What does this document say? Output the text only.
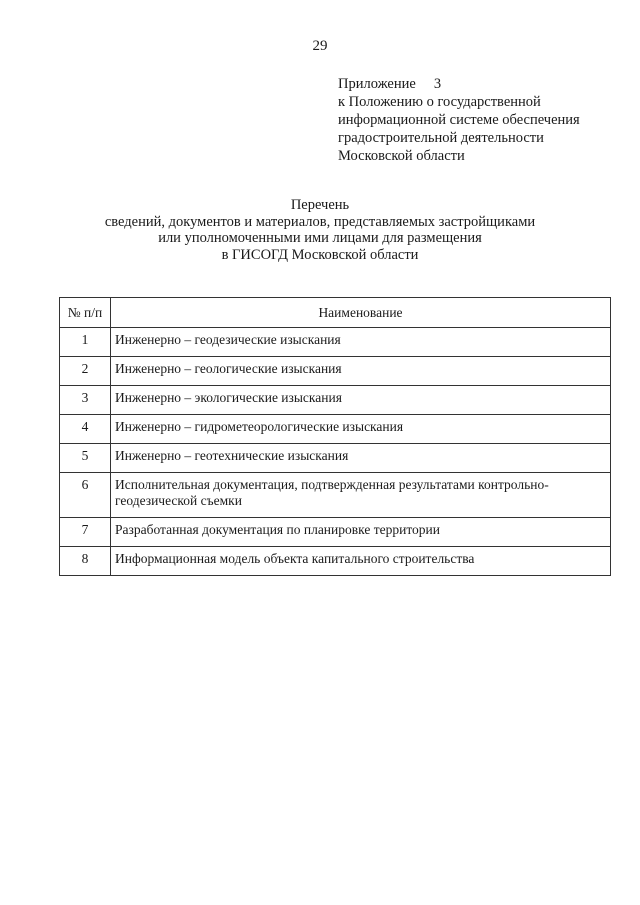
29
Приложение 3
к Положению о государственной
информационной системе обеспечения
градостроительной деятельности
Московской области
Перечень
сведений, документов и материалов, представляемых застройщиками
или уполномоченными ими лицами для размещения
в ГИСОГД Московской области
№ п/п	Наименование
1	Инженерно – геодезические изыскания
2	Инженерно – геологические изыскания
3	Инженерно – экологические изыскания
4	Инженерно – гидрометеорологические изыскания
5	Инженерно – геотехнические изыскания
6	Исполнительная документация, подтвержденная результатами контрольно-геодезической съемки
7	Разработанная документация по планировке территории
8	Информационная модель объекта капитального строительства
